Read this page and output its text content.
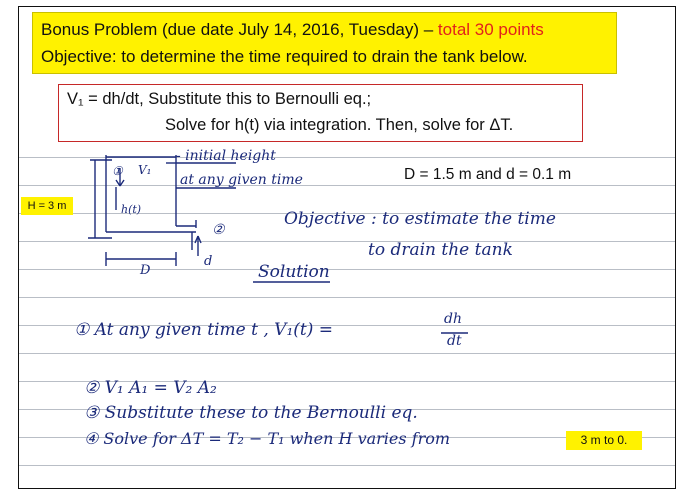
Bonus Problem (due date July 14, 2016, Tuesday) – total 30 points
Objective: to determine the time required to drain the tank below.
V₁ = dh/dt, Substitute this to Bernoulli eq.;
Solve for h(t) via integration. Then, solve for ΔT.
① V₁
h(t)
②
d
D
- initial height
at any given time
H = 3 m
D = 1.5 m and d = 0.1 m
Objective : to estimate the time
to drain the tank
Solution
① At any given time t , V₁(t) =
dh
dt
② V₁ A₁ = V₂ A₂
③ Substitute these to the Bernoulli eq.
④ Solve for ΔT = T₂ − T₁ when H varies from	3 m to 0.
